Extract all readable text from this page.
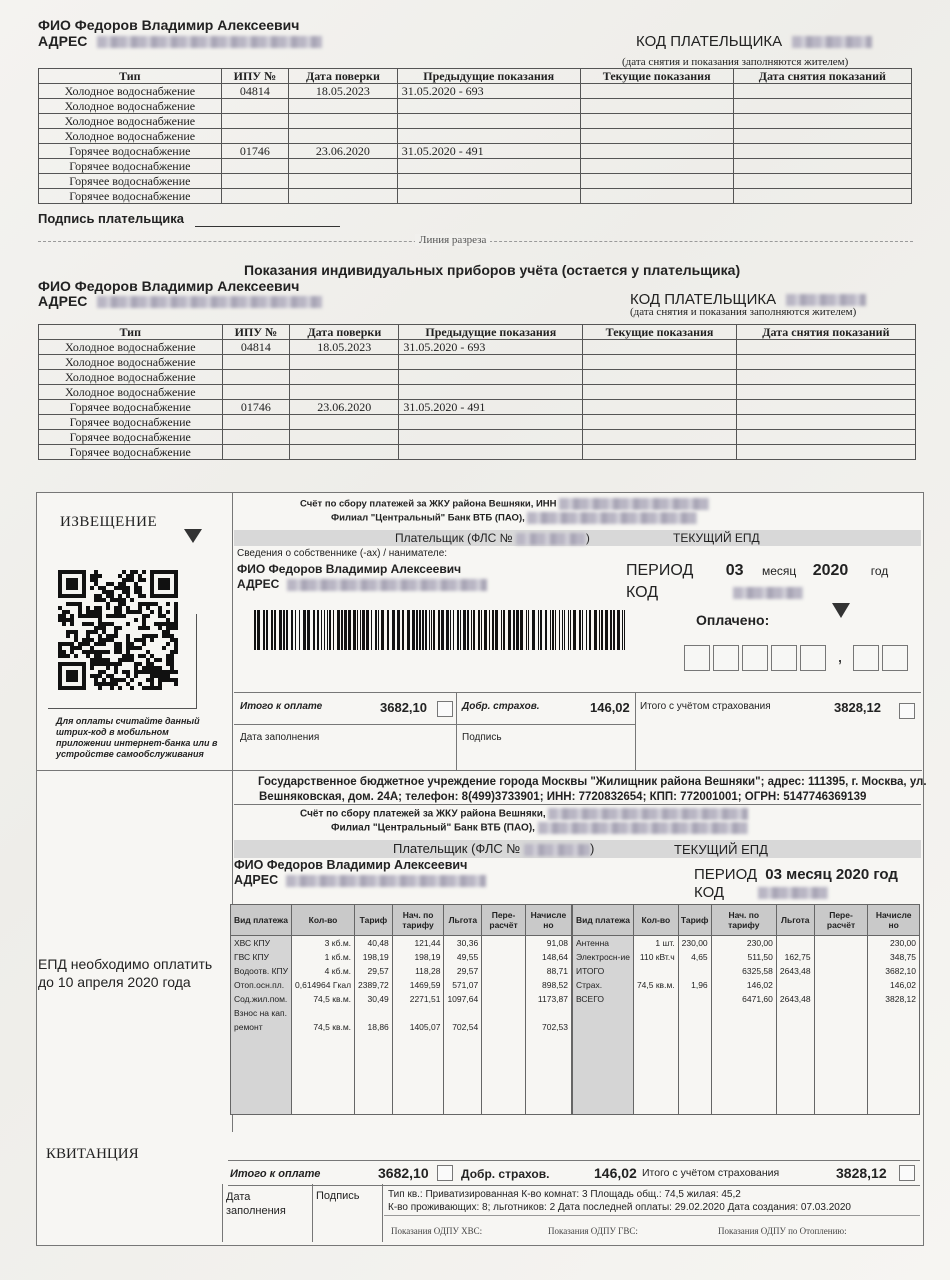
ФИО Федоров Владимир Алексеевич
АДРЕС	КОД ПЛАТЕЛЬЩИКА
(дата снятия и показания заполняются жителем)
Тип	ИПУ №	Дата поверки	Предыдущие показания	Текущие показания	Дата снятия показаний
Холодное водоснабжение	04814	18.05.2023	31.05.2020 - 693		
Холодное водоснабжение					
Холодное водоснабжение					
Холодное водоснабжение					
Горячее водоснабжение	01746	23.06.2020	31.05.2020 - 491		
Горячее водоснабжение					
Горячее водоснабжение					
Горячее водоснабжение					
Подпись плательщика
Линия разреза
Показания индивидуальных приборов учёта (остается у плательщика)
ФИО Федоров Владимир Алексеевич
АДРЕС	КОД ПЛАТЕЛЬЩИКА
(дата снятия и показания заполняются жителем)
Тип	ИПУ №	Дата поверки	Предыдущие показания	Текущие показания	Дата снятия показаний
Холодное водоснабжение	04814	18.05.2023	31.05.2020 - 693		
Холодное водоснабжение					
Холодное водоснабжение					
Холодное водоснабжение					
Горячее водоснабжение	01746	23.06.2020	31.05.2020 - 491		
Горячее водоснабжение					
Горячее водоснабжение					
Горячее водоснабжение					
ИЗВЕЩЕНИЕ
Для оплаты считайте данный штрих-код в мобильном приложении интернет-банка или в устройстве самообслуживания
Счёт по сбору платежей за ЖКУ района Вешняки, ИНН
Филиал "Центральный" Банк ВТБ (ПАО),
Плательщик (ФЛС №	)	ТЕКУЩИЙ ЕПД
Сведения о собственнике (-ах) / нанимателе:
ФИО Федоров Владимир Алексеевич
АДРЕС
ПЕРИОД 03 месяц 2020 год
КОД
Оплачено:
,
Итого к оплате	3682,10	Добр. страхов.	146,02 Итого с учётом страхования	3828,12
Дата заполнения	Подпись
Государственное бюджетное учреждение города Москвы "Жилищник района Вешняки"; адрес: 111395, г. Москва, ул.
Вешняковская, дом. 24А; телефон: 8(499)3733901; ИНН: 7720832654; КПП: 772001001; ОГРН: 5147746369139
Счёт по сбору платежей за ЖКУ района Вешняки,
Филиал "Центральный" Банк ВТБ (ПАО),
Плательщик (ФЛС №	)	ТЕКУЩИЙ ЕПД
ФИО Федоров Владимир Алексеевич
АДРЕС	ПЕРИОД 03 месяц 2020 год
КОД
ЕПД необходимо оплатить до 10 апреля 2020 года
КВИТАНЦИЯ
Вид платежа	Кол-во	Тариф	Нач. по тарифу	Льгота	Пере-расчёт	Начисле но
ХВС КПУ	3 кб.м.	40,48	121,44	30,36		91,08
ГВС КПУ	1 кб.м.	198,19	198,19	49,55		148,64
Водоотв. КПУ	4 кб.м.	29,57	118,28	29,57		88,71
Отоп.осн.пл.	0,614964 Гкал	2389,72	1469,59	571,07		898,52
Сод.жил.пом.	74,5 кв.м.	30,49	2271,51	1097,64		1173,87
Взнос на кап.						
ремонт	74,5 кв.м.	18,86	1405,07	702,54		702,53

Вид платежа	Кол-во	Тариф	Нач. по тарифу	Льгота	Пере-расчёт	Начисле но
Антенна	1 шт.	230,00	230,00			230,00
Электросн-ие	110 кВт.ч	4,65	511,50	162,75		348,75
ИТОГО			6325,58	2643,48		3682,10
Страх.	74,5 кв.м.	1,96	146,02			146,02
ВСЕГО			6471,60	2643,48		3828,12

Итого к оплате	3682,10	Добр. страхов.	146,02 Итого с учётом страхования	3828,12
Дата заполнения
Подпись	Тип кв.: Приватизированная К-во комнат: 3 Площадь общ.: 74,5 жилая: 45,2
К-во проживающих: 8; льготников: 2 Дата последней оплаты: 29.02.2020 Дата создания: 07.03.2020
Показания ОДПУ ХВС:	Показания ОДПУ ГВС:	Показания ОДПУ по Отоплению:
